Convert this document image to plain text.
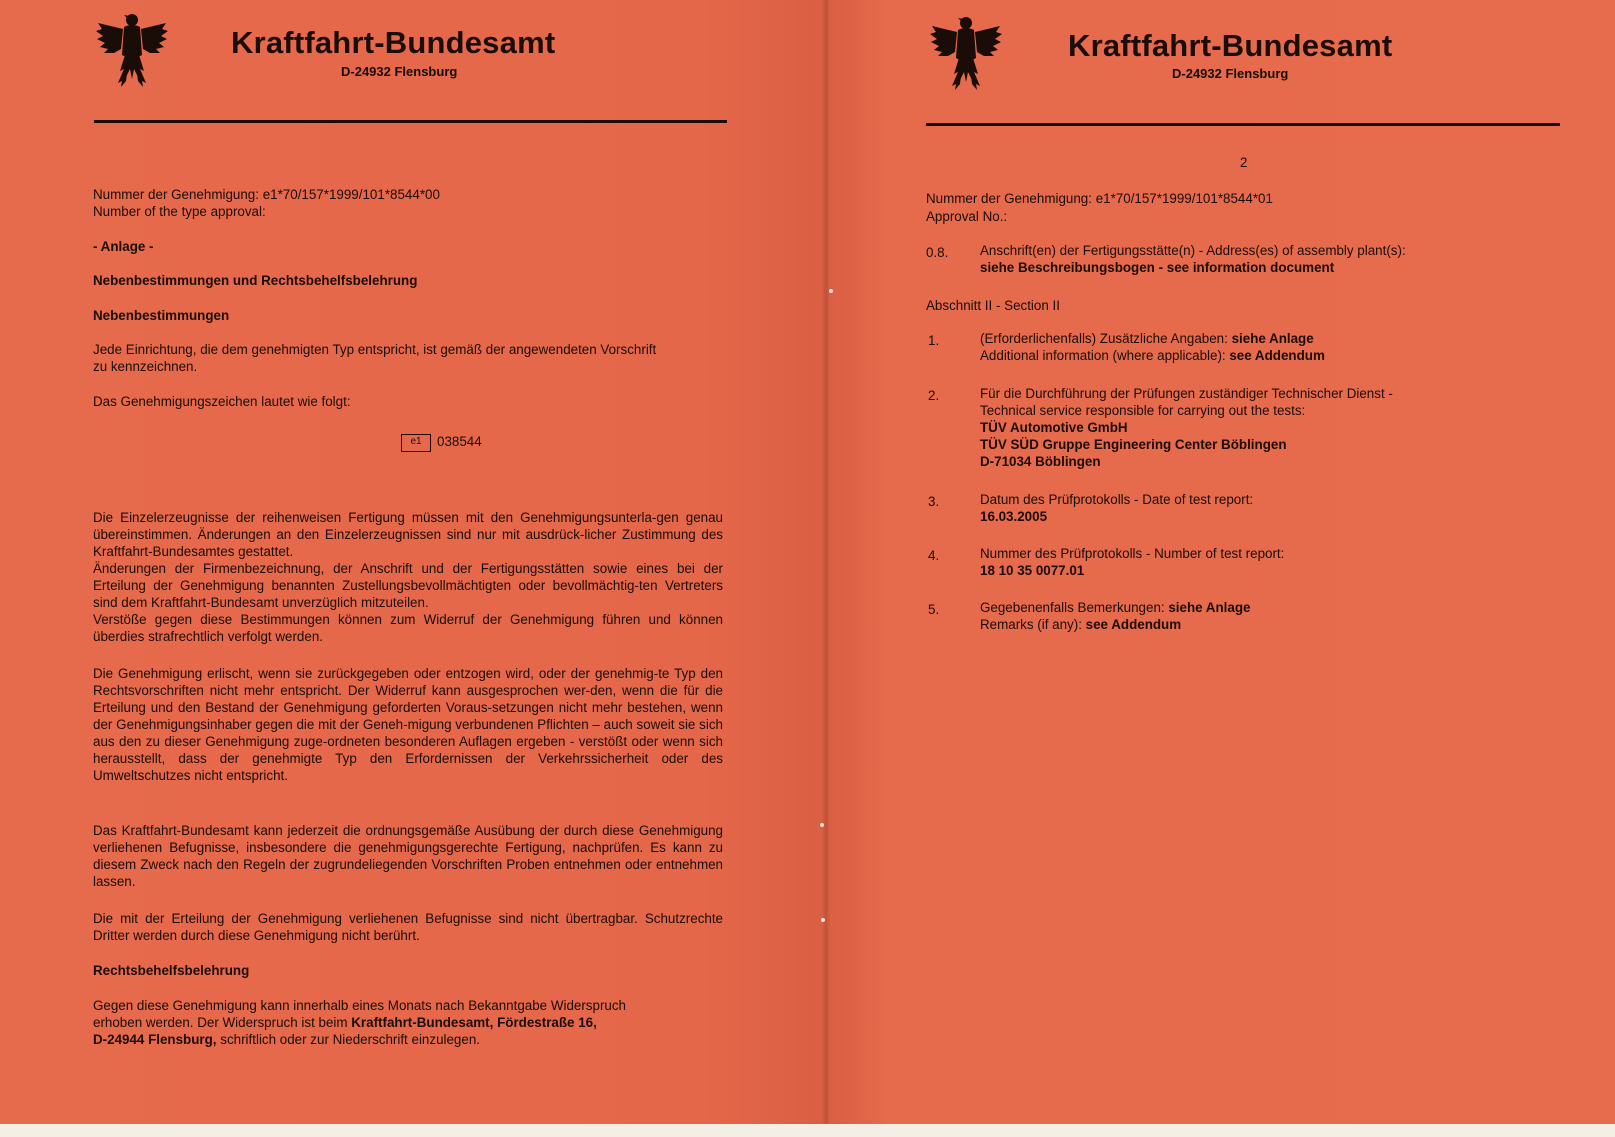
Kraftfahrt-Bundesamt
D-24932 Flensburg
Nummer der Genehmigung: e1*70/157*1999/101*8544*00
Number of the type approval:
- Anlage -
Nebenbestimmungen und Rechtsbehelfsbelehrung
Nebenbestimmungen
Jede Einrichtung, die dem genehmigten Typ entspricht, ist gemäß der angewendeten Vorschrift zu kennzeichnen.
Das Genehmigungszeichen lautet wie folgt:
e1	038544

Die Einzelerzeugnisse der reihenweisen Fertigung müssen mit den Genehmigungsunterla-gen genau übereinstimmen. Änderungen an den Einzelerzeugnissen sind nur mit ausdrück-licher Zustimmung des Kraftfahrt-Bundesamtes gestattet.

Änderungen der Firmenbezeichnung, der Anschrift und der Fertigungsstätten sowie eines bei der Erteilung der Genehmigung benannten Zustellungsbevollmächtigten oder bevollmächtig-ten Vertreters sind dem Kraftfahrt-Bundesamt unverzüglich mitzuteilen.

Verstöße gegen diese Bestimmungen können zum Widerruf der Genehmigung führen und können überdies strafrechtlich verfolgt werden.

Die Genehmigung erlischt, wenn sie zurückgegeben oder entzogen wird, oder der genehmig-te Typ den Rechtsvorschriften nicht mehr entspricht. Der Widerruf kann ausgesprochen wer-den, wenn die für die Erteilung und den Bestand der Genehmigung geforderten Voraus-setzungen nicht mehr bestehen, wenn der Genehmigungsinhaber gegen die mit der Geneh-migung verbundenen Pflichten – auch soweit sie sich aus den zu dieser Genehmigung zuge-ordneten besonderen Auflagen ergeben - verstößt oder wenn sich herausstellt, dass der genehmigte Typ den Erfordernissen der Verkehrssicherheit oder des Umweltschutzes nicht entspricht.
Das Kraftfahrt-Bundesamt kann jederzeit die ordnungsgemäße Ausübung der durch diese Genehmigung verliehenen Befugnisse, insbesondere die genehmigungsgerechte Fertigung, nachprüfen. Es kann zu diesem Zweck nach den Regeln der zugrundeliegenden Vorschriften Proben entnehmen oder entnehmen lassen.
Die mit der Erteilung der Genehmigung verliehenen Befugnisse sind nicht übertragbar. Schutzrechte Dritter werden durch diese Genehmigung nicht berührt.
Rechtsbehelfsbelehrung
Gegen diese Genehmigung kann innerhalb eines Monats nach Bekanntgabe Widerspruch
erhoben werden. Der Widerspruch ist beim Kraftfahrt-Bundesamt, Fördestraße 16,
D-24944 Flensburg, schriftlich oder zur Niederschrift einzulegen.
Kraftfahrt-Bundesamt
D-24932 Flensburg
2
Nummer der Genehmigung: e1*70/157*1999/101*8544*01
Approval No.:
0.8. Anschrift(en) der Fertigungsstätte(n) - Address(es) of assembly plant(s):
siehe Beschreibungsbogen - see information document
Abschnitt II - Section II
1.	(Erforderlichenfalls) Zusätzliche Angaben: siehe Anlage
Additional information (where applicable): see Addendum
2.	Für die Durchführung der Prüfungen zuständiger Technischer Dienst -
Technical service responsible for carrying out the tests:
TÜV Automotive GmbH
TÜV SÜD Gruppe Engineering Center Böblingen
D-71034 Böblingen
3.	Datum des Prüfprotokolls - Date of test report:
16.03.2005
4.	Nummer des Prüfprotokolls - Number of test report:
18 10 35 0077.01
5.	Gegebenenfalls Bemerkungen: siehe Anlage
Remarks (if any): see Addendum
